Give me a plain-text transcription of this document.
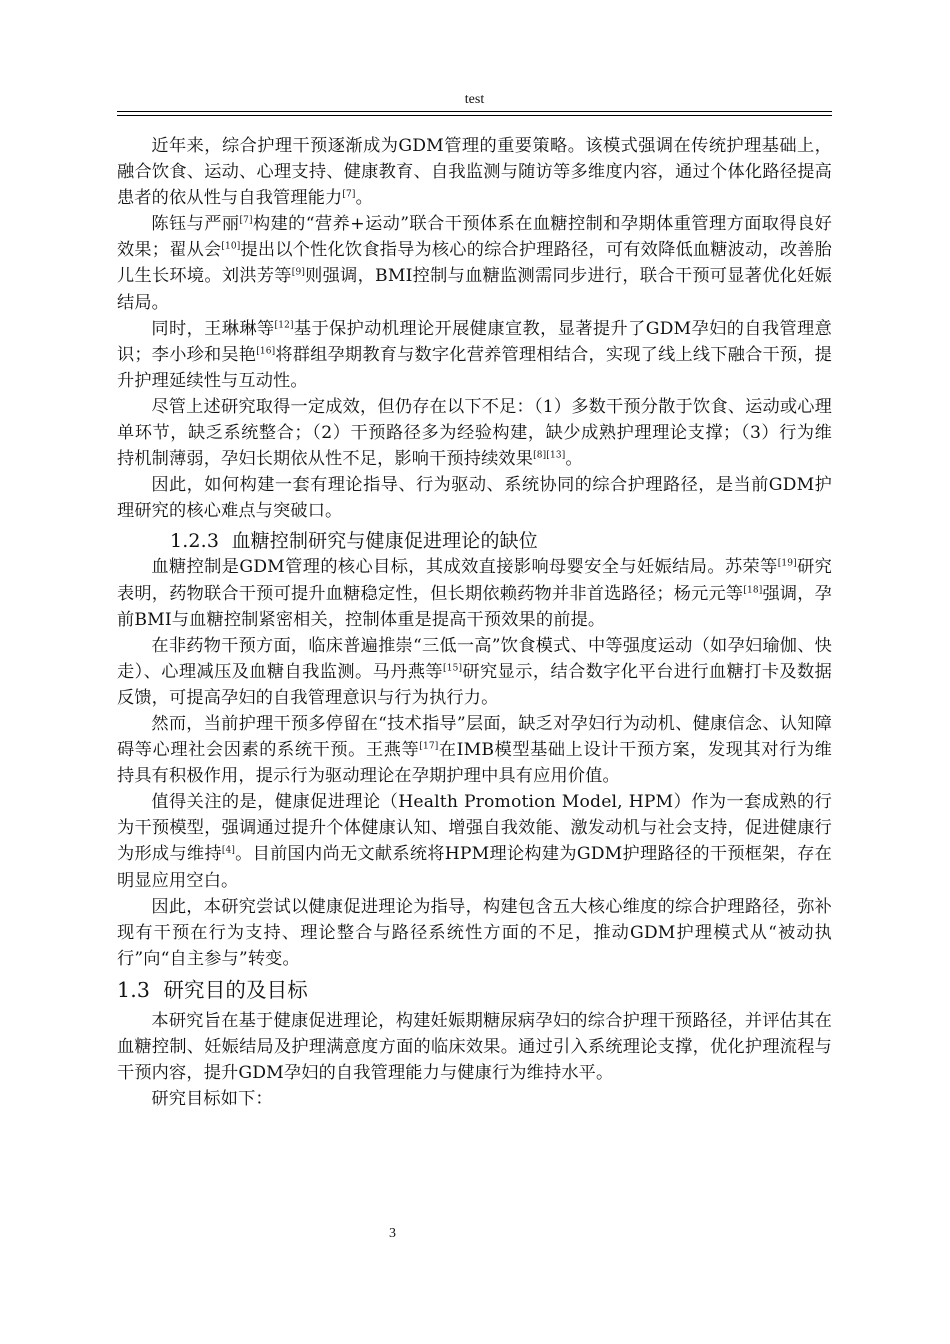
test

近年来，综合护理干预逐渐成为GDM管理的重要策略。该模式强调在传统护理基础上，融合饮食、运动、心理支持、健康教育、自我监测与随访等多维度内容，通过个体化路径提高患者的依从性与自我管理能力[7]。

陈钰与严丽[7]构建的“营养+运动”联合干预体系在血糖控制和孕期体重管理方面取得良好效果；翟从会[10]提出以个性化饮食指导为核心的综合护理路径，可有效降低血糖波动，改善胎儿生长环境。刘洪芳等[9]则强调，BMI控制与血糖监测需同步进行，联合干预可显著优化妊娠结局。

同时，王琳琳等[12]基于保护动机理论开展健康宣教，显著提升了GDM孕妇的自我管理意识；李小珍和吴艳[16]将群组孕期教育与数字化营养管理相结合，实现了线上线下融合干预，提升护理延续性与互动性。

尽管上述研究取得一定成效，但仍存在以下不足：（1）多数干预分散于饮食、运动或心理单环节，缺乏系统整合；（2）干预路径多为经验构建，缺少成熟护理理论支撑；（3）行为维持机制薄弱，孕妇长期依从性不足，影响干预持续效果[8][13]。

因此，如何构建一套有理论指导、行为驱动、系统协同的综合护理路径，是当前GDM护理研究的核心难点与突破口。

1.2.3 血糖控制研究与健康促进理论的缺位

血糖控制是GDM管理的核心目标，其成效直接影响母婴安全与妊娠结局。苏荣等[19]研究表明，药物联合干预可提升血糖稳定性，但长期依赖药物并非首选路径；杨元元等[18]强调，孕前BMI与血糖控制紧密相关，控制体重是提高干预效果的前提。

在非药物干预方面，临床普遍推崇“三低一高”饮食模式、中等强度运动（如孕妇瑜伽、快走）、心理减压及血糖自我监测。马丹燕等[15]研究显示，结合数字化平台进行血糖打卡及数据反馈，可提高孕妇的自我管理意识与行为执行力。

然而，当前护理干预多停留在“技术指导”层面，缺乏对孕妇行为动机、健康信念、认知障碍等心理社会因素的系统干预。王燕等[17]在IMB模型基础上设计干预方案，发现其对行为维持具有积极作用，提示行为驱动理论在孕期护理中具有应用价值。

值得关注的是，健康促进理论（Health Promotion Model, HPM）作为一套成熟的行为干预模型，强调通过提升个体健康认知、增强自我效能、激发动机与社会支持，促进健康行为形成与维持[4]。目前国内尚无文献系统将HPM理论构建为GDM护理路径的干预框架，存在明显应用空白。

因此，本研究尝试以健康促进理论为指导，构建包含五大核心维度的综合护理路径，弥补现有干预在行为支持、理论整合与路径系统性方面的不足，推动GDM护理模式从“被动执行”向“自主参与”转变。

1.3 研究目的及目标

本研究旨在基于健康促进理论，构建妊娠期糖尿病孕妇的综合护理干预路径，并评估其在血糖控制、妊娠结局及护理满意度方面的临床效果。通过引入系统理论支撑，优化护理流程与干预内容，提升GDM孕妇的自我管理能力与健康行为维持水平。

研究目标如下：

3
